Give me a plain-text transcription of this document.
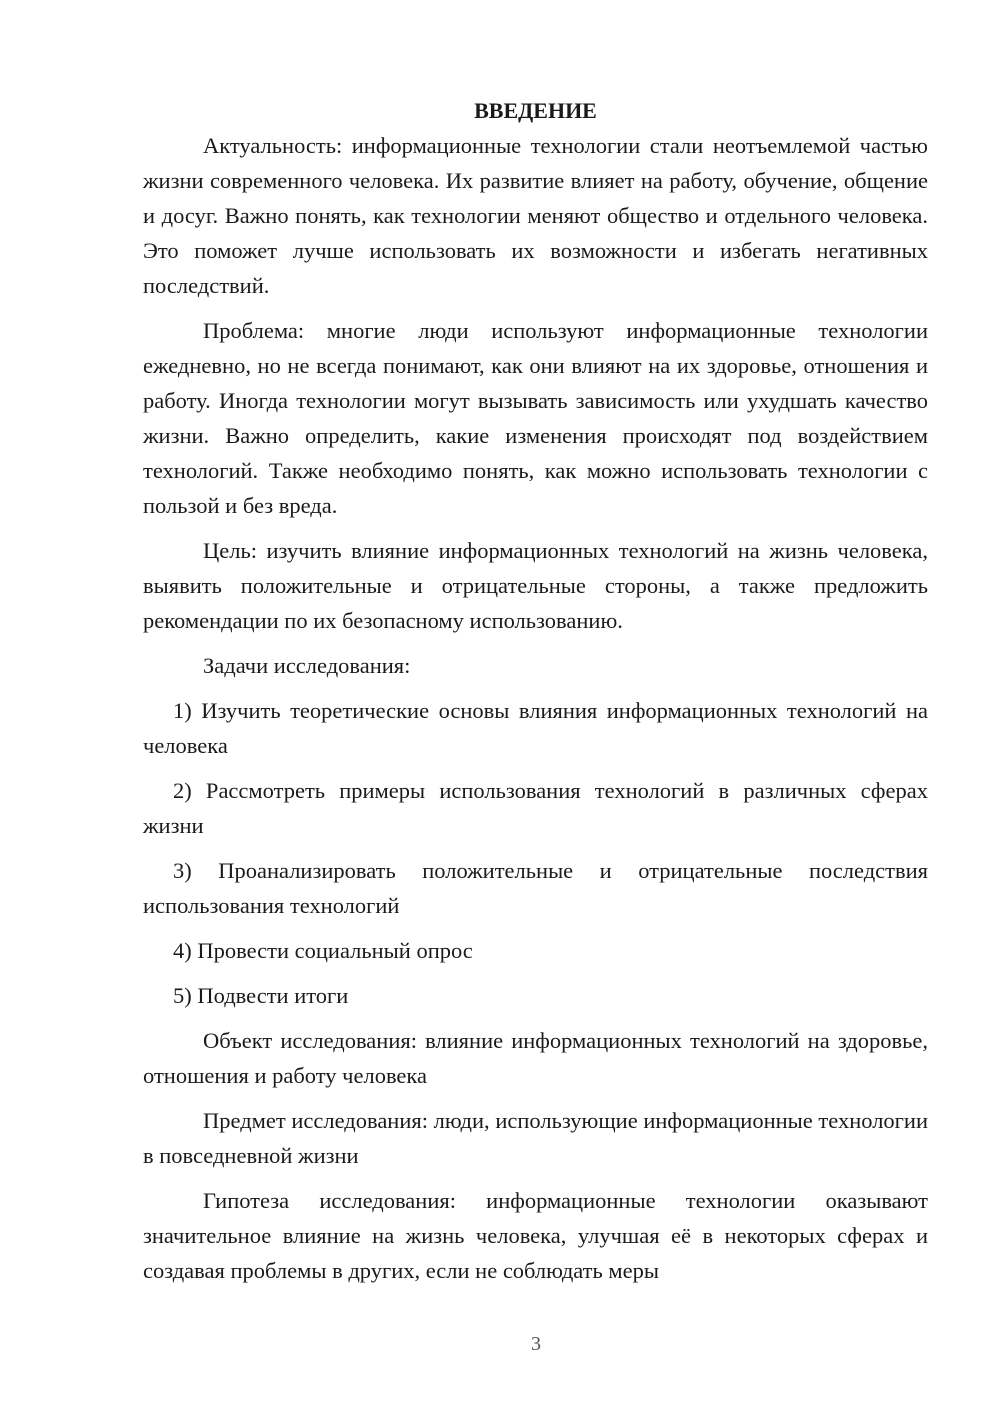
ВВЕДЕНИЕ

Актуальность: информационные технологии стали неотъемлемой частью жизни современного человека. Их развитие влияет на работу, обучение, общение и досуг. Важно понять, как технологии меняют общество и отдельного человека. Это поможет лучше использовать их возможности и избегать негативных последствий.

Проблема: многие люди используют информационные технологии ежедневно, но не всегда понимают, как они влияют на их здоровье, отношения и работу. Иногда технологии могут вызывать зависимость или ухудшать качество жизни. Важно определить, какие изменения происходят под воздействием технологий. Также необходимо понять, как можно использовать технологии с пользой и без вреда.

Цель: изучить влияние информационных технологий на жизнь человека, выявить положительные и отрицательные стороны, а также предложить рекомендации по их безопасному использованию.

Задачи исследования:

1) Изучить теоретические основы влияния информационных технологий на человека

2) Рассмотреть примеры использования технологий в различных сферах жизни

3) Проанализировать положительные и отрицательные последствия использования технологий

4) Провести социальный опрос

5) Подвести итоги

Объект исследования: влияние информационных технологий на здоровье, отношения и работу человека

Предмет исследования: люди, использующие информационные технологии в повседневной жизни

Гипотеза исследования: информационные технологии оказывают значительное влияние на жизнь человека, улучшая её в некоторых сферах и создавая проблемы в других, если не соблюдать меры

3
